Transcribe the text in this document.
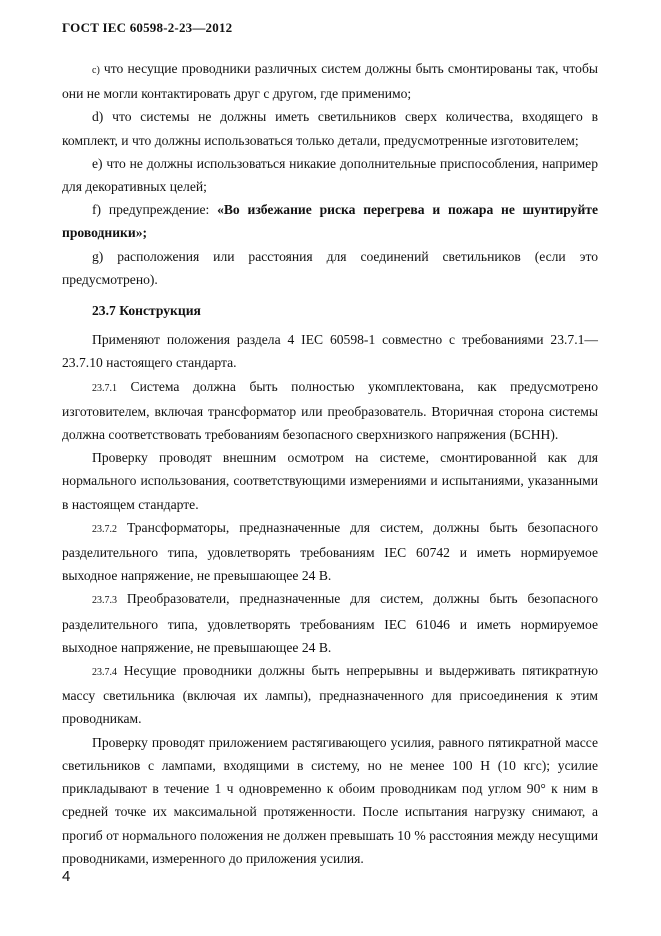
ГОСТ IEC 60598-2-23—2012

с) что несущие проводники различных систем должны быть смонтированы так, чтобы они не могли контактировать друг с другом, где применимо;

d) что системы не должны иметь светильников сверх количества, входящего в комплект, и что должны использоваться только детали, предусмотренные изготовителем;

е) что не должны использоваться никакие дополнительные приспособления, например для декоративных целей;

f) предупреждение: «Во избежание риска перегрева и пожара не шунтируйте проводники»;

g) расположения или расстояния для соединений светильников (если это предусмотрено).

23.7 Конструкция

Применяют положения раздела 4 IEC 60598-1 совместно с требованиями 23.7.1—23.7.10 настоящего стандарта.

23.7.1 Система должна быть полностью укомплектована, как предусмотрено изготовителем, включая трансформатор или преобразователь. Вторичная сторона системы должна соответствовать требованиям безопасного сверхнизкого напряжения (БСНН).

Проверку проводят внешним осмотром на системе, смонтированной как для нормального использования, соответствующими измерениями и испытаниями, указанными в настоящем стандарте.

23.7.2 Трансформаторы, предназначенные для систем, должны быть безопасного разделительного типа, удовлетворять требованиям IEC 60742 и иметь нормируемое выходное напряжение, не превышающее 24 В.

23.7.3 Преобразователи, предназначенные для систем, должны быть безопасного разделительного типа, удовлетворять требованиям IEC 61046 и иметь нормируемое выходное напряжение, не превышающее 24 В.

23.7.4 Несущие проводники должны быть непрерывны и выдерживать пятикратную массу светильника (включая их лампы), предназначенного для присоединения к этим проводникам.

Проверку проводят приложением растягивающего усилия, равного пятикратной массе светильников с лампами, входящими в систему, но не менее 100 Н (10 кгс); усилие прикладывают в течение 1 ч одновременно к обоим проводникам под углом 90° к ним в средней точке их максимальной протяженности. После испытания нагрузку снимают, а прогиб от нормального положения не должен превышать 10 % расстояния между несущими проводниками, измеренного до приложения усилия.

4
